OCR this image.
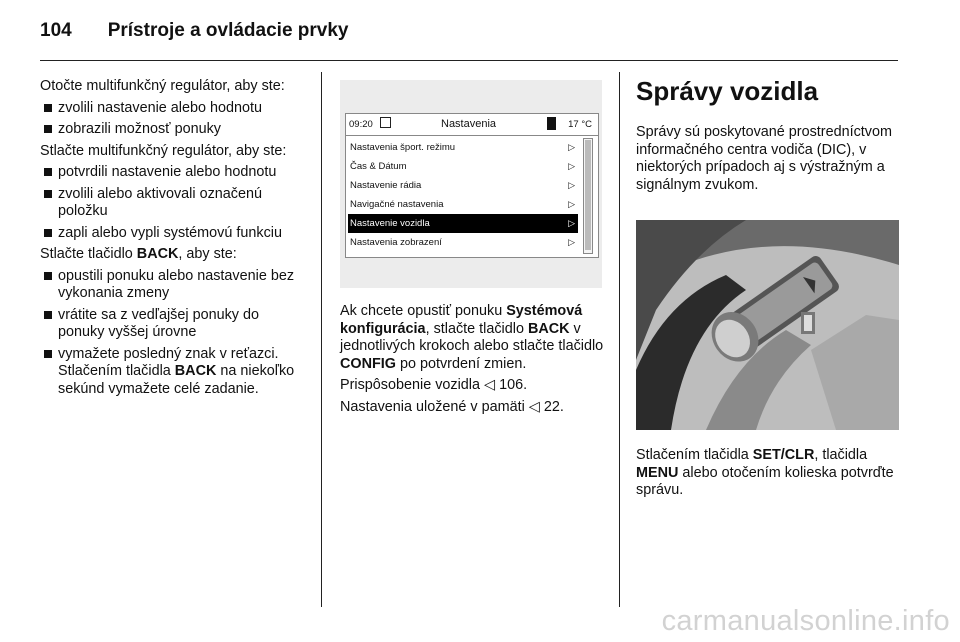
104 Prístroje a ovládacie prvky

Otočte multifunkčný regulátor, aby ste:

zvolili nastavenie alebo hodnotu
zobrazili možnosť ponuky

Stlačte multifunkčný regulátor, aby ste:

potvrdili nastavenie alebo hodnotu
zvolili alebo aktivovali označenú položku
zapli alebo vypli systémovú funkciu

Stlačte tlačidlo BACK, aby ste:

opustili ponuku alebo nastavenie bez vykonania zmeny
vrátite sa z vedľajšej ponuky do ponuky vyššej úrovne
vymažete posledný znak v reťazci. Stlačením tlačidla BACK na niekoľko sekúnd vymažete celé zadanie.
09:20	Nastavenia	17 °C
Nastavenia šport. režimu	▷
Čas & Dátum	▷
Nastavenie rádia	▷
Navigačné nastavenia	▷
Nastavenie vozidla	▷
Nastavenia zobrazení	▷

Ak chcete opustiť ponuku Systémová konfigurácia, stlačte tlačidlo BACK v jednotlivých krokoch alebo stlačte tlačidlo CONFIG po potvrdení zmien.

Prispôsobenie vozidla ◁ 106.

Nastavenia uložené v pamäti ◁ 22.

Správy vozidla

Správy sú poskytované prostredníctvom informačného centra vodiča (DIC), v niektorých prípadoch aj s výstražným a signálnym zvukom.

Stlačením tlačidla SET/CLR, tlačidla MENU alebo otočením kolieska potvrďte správu.

carmanualsonline.info
